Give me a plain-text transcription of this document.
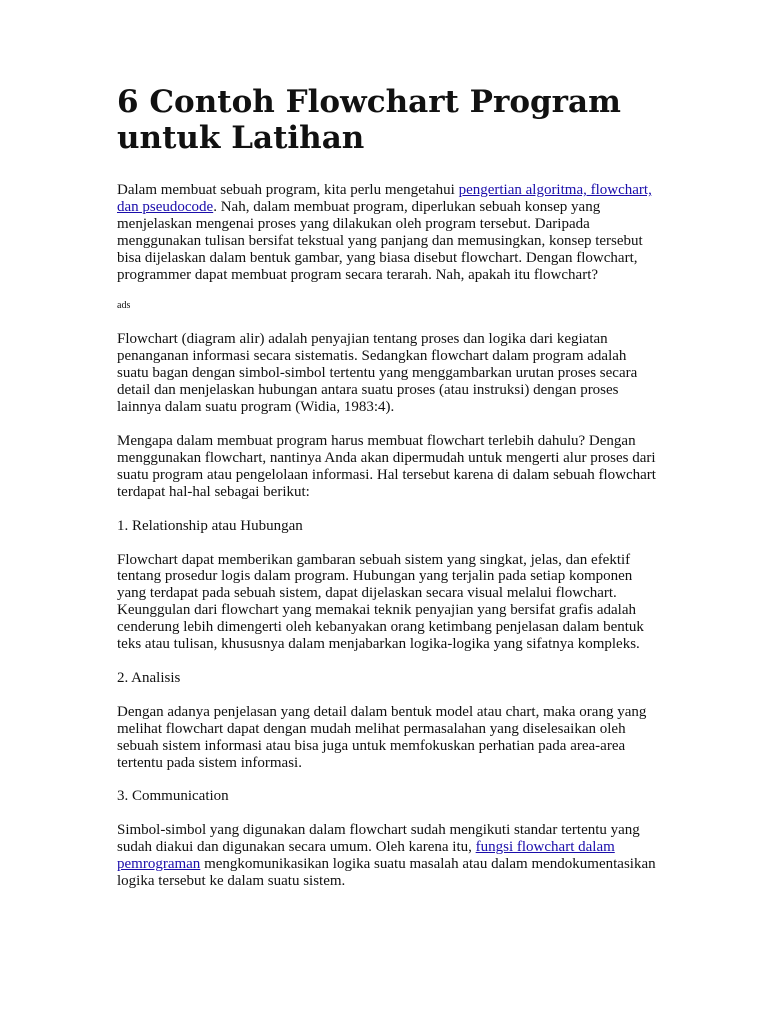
6 Contoh Flowchart Program untuk Latihan

Dalam membuat sebuah program, kita perlu mengetahui pengertian algoritma, flowchart, dan pseudocode. Nah, dalam membuat program, diperlukan sebuah konsep yang menjelaskan mengenai proses yang dilakukan oleh program tersebut. Daripada menggunakan tulisan bersifat tekstual yang panjang dan memusingkan, konsep tersebut bisa dijelaskan dalam bentuk gambar, yang biasa disebut flowchart. Dengan flowchart, programmer dapat membuat program secara terarah. Nah, apakah itu flowchart?

ads

Flowchart (diagram alir) adalah penyajian tentang proses dan logika dari kegiatan penanganan informasi secara sistematis. Sedangkan flowchart dalam program adalah suatu bagan dengan simbol-simbol tertentu yang menggambarkan urutan proses secara detail dan menjelaskan hubungan antara suatu proses (atau instruksi) dengan proses lainnya dalam suatu program (Widia, 1983:4).

Mengapa dalam membuat program harus membuat flowchart terlebih dahulu? Dengan menggunakan flowchart, nantinya Anda akan dipermudah untuk mengerti alur proses dari suatu program atau pengelolaan informasi. Hal tersebut karena di dalam sebuah flowchart terdapat hal-hal sebagai berikut:

1. Relationship atau Hubungan

Flowchart dapat memberikan gambaran sebuah sistem yang singkat, jelas, dan efektif tentang prosedur logis dalam program. Hubungan yang terjalin pada setiap komponen yang terdapat pada sebuah sistem, dapat dijelaskan secara visual melalui flowchart. Keunggulan dari flowchart yang memakai teknik penyajian yang bersifat grafis adalah cenderung lebih dimengerti oleh kebanyakan orang ketimbang penjelasan dalam bentuk teks atau tulisan, khususnya dalam menjabarkan logika-logika yang sifatnya kompleks.

2. Analisis

Dengan adanya penjelasan yang detail dalam bentuk model atau chart, maka orang yang melihat flowchart dapat dengan mudah melihat permasalahan yang diselesaikan oleh sebuah sistem informasi atau bisa juga untuk memfokuskan perhatian pada area-area tertentu pada sistem informasi.

3. Communication

Simbol-simbol yang digunakan dalam flowchart sudah mengikuti standar tertentu yang sudah diakui dan digunakan secara umum. Oleh karena itu, fungsi flowchart dalam pemrograman mengkomunikasikan logika suatu masalah atau dalam mendokumentasikan logika tersebut ke dalam suatu sistem.
